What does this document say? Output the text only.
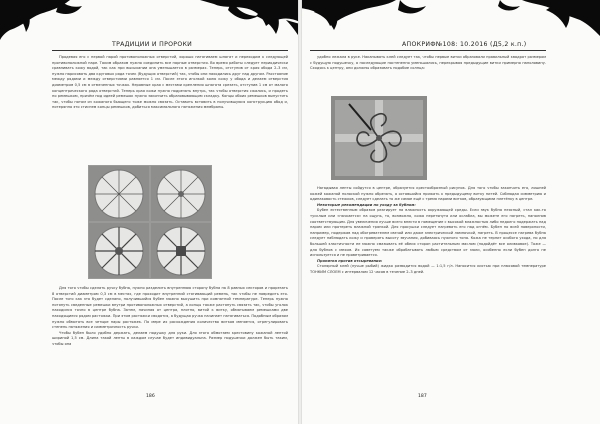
ТРАДИЦИИ И ПРОРОКИ

Продевая его с первой парой противоположных отверстий, хорошо натягиваем шпагат и переходим к следующей противоположной паре. Таким образом нужно соединить все парные отверстия. Во время работы следует периодически сравнивать кожу водой, так как при высыхании она уменьшается в размерах. Теперь, отступив от края обода 2–3 см, нужно нарисовать два круговых ряда точек (будущих отверстий) так, чтобы они находились друг над другом. Расстояние между рядами и между отверстиями равняется 1 см. После этого иголкой колю кожу у обода и делаем отверстия диаметром 0,5 см в отмеченных точках. Неровные края с местами крепления шпагата срезать, отступив 1 см от малого концентрического ряда отверстий. Теперь края кожи нужно подрезать внутрь, так чтобы отверстия сжались, и продеть по ремешком, причём под идеей ремешок нужно закончить образовывающим складку. Концы обоих ремешков выпустить так, чтобы потом из кожаного бьющего тоже можно связать. Оставить вставить в получившуюся конструкцию обод и, потерянно это стиснем концы ремешков, добиться максимального натяжения мембраны.

Для того чтобы сделать ручку бубна, нужно разделить внутреннюю сторону бубна на 8 равных секторов и прорезать 8 отверстий диаметром 0,3 см в местах, где проходит внутренний стягивающий ремень, так чтобы не повредить его. После того как это будет сделано, получившийся бубен можно высушить при комнатной температуре. Теперь нужно потянуть сведенные ремешки внутри противоположных отверстий, а концы также растянуть связать так, чтобы уголок находился точно в центре бубна. Затем, начиная от центра, плотно, витой к витку, обматываем ремешками две находящиеся рядом растяжки. При этом растяжки сводятся, а будущая ручка начинает натягиваться. Подобным образом нужно обмотать все четыре пары растяжек. По мере их расхождения количество витков меняется, отрегулировать степень натяжения и симметричность ручки.

Чтобы бубен было удобно держать, делаем подушку для руки. Для этого обмотаем крестовину кожаной лентой шириной 1,5 см. Длина такой ленты в каждом случае будет индивидуальна. Размер подушечки должен быть таким, чтобы она

186
АПОКРИФ№108: 10.2016 (Д5,2 к.п.)

удобно лежала в руке. Накапывать клей следует так, чтобы первые витки образовали правильный квадрат размером с будущую подушечку, а последующие постепенно уменьшались, перекрывая предыдущие витки примерно наполовину. Сходясь к центру, они должны образовать подобие солнца:

Нагадывая ленты сойдутся в центре, образуется крестообразный рисунок. Для того чтобы закончить его, лишней кожей кожаной полоской нужно обрезать, а оставшийся прижать к предыдущему витку нитей. Соблюдая симметрию и одинаковость стежков, следует сделать то же самое ещё с тремя парами витков, образующими плетёнку в центре.

Некоторые рекомендации по уходу за бубном:

Бубен естественным образом реагирует на влажность окружающей среды. Если звук бубна неясный, стал как-то тусклым или «пачкается» на ощупь, то, возможно, кожа перетянута или ослабла, вы можете его нагреть, наполнив соответствующим. Для увеличения лучше всего внести в помещение с высокой влажностью либо недолго подержать над паром или протереть влажной тряпкой. Для просушки следует нагревать его над огнём. Бубен по всей поверхности, например, подержав над обогревателем свечой или даже электрической лампочкой, нагреть. В процессе нагрева бубна следует наблюдать кожу и проверять высоту звучания, добиваясь нужного тона. Кожа не терпит особого ухода, но для большей эластичности ее можно смазывать её обеих сторон растительным маслом (подойдёт все оливковое). Тоже — для бубнов с мехом. Их советуем также обрабатывать любым средством от моли, особенно если бубен долго не используется и не проветривается.

Пропитка против отсыревания:

Столярный клей (лучше рыбий) жидко разводится водой — 1:1,5 г/л. Наносится кистью при плюсовой температуре ТОНКИМ СЛОЕМ с интервалом 12 часов в течение 2–3 дней.

187
